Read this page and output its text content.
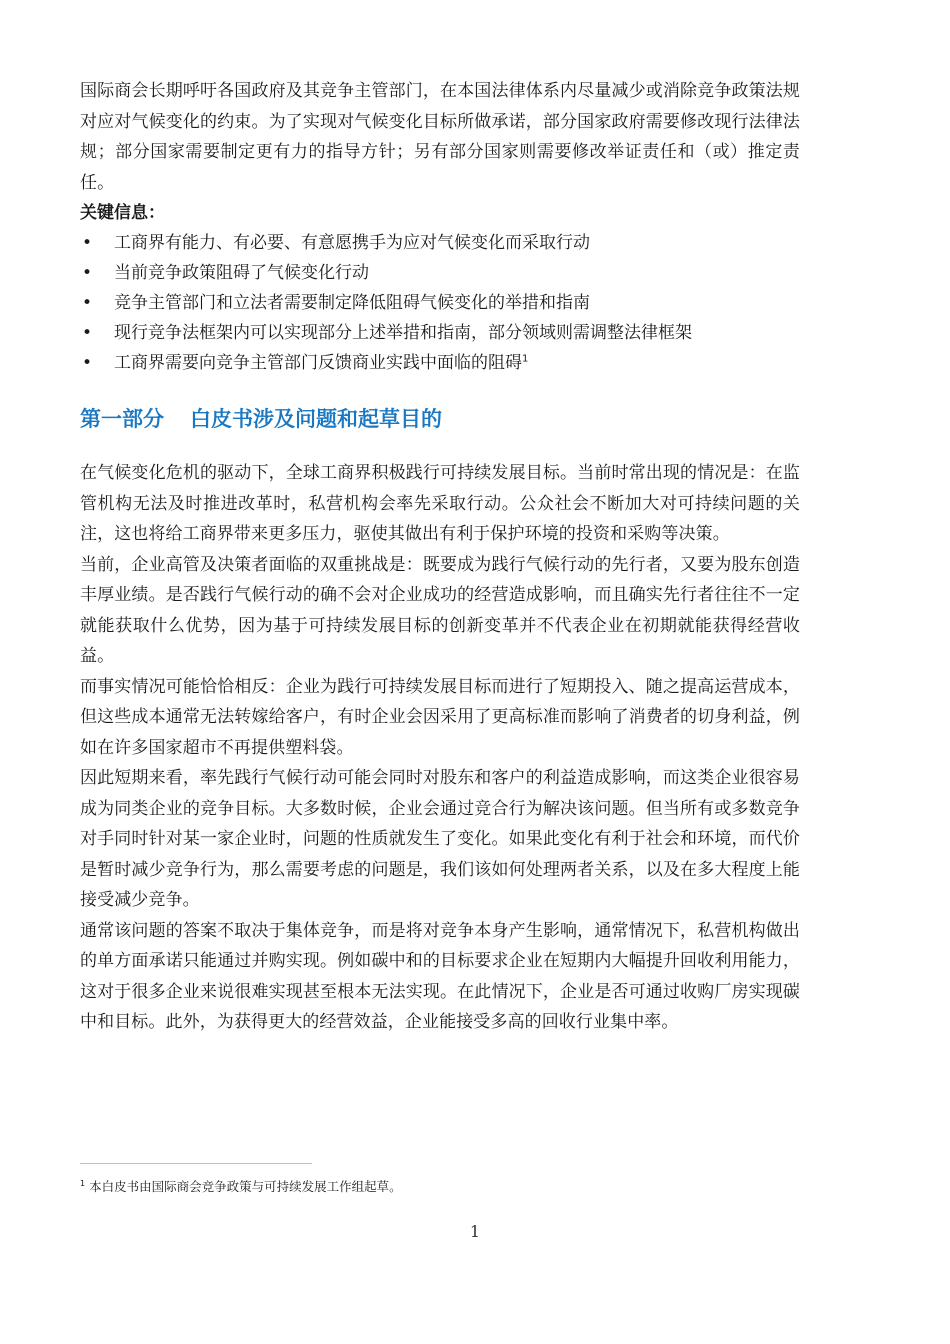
国际商会长期呼吁各国政府及其竞争主管部门，在本国法律体系内尽量减少或消除竞争政策法规对应对气候变化的约束。为了实现对气候变化目标所做承诺，部分国家政府需要修改现行法律法规；部分国家需要制定更有力的指导方针；另有部分国家则需要修改举证责任和（或）推定责任。

关键信息：

• 工商界有能力、有必要、有意愿携手为应对气候变化而采取行动
• 当前竞争政策阻碍了气候变化行动
• 竞争主管部门和立法者需要制定降低阻碍气候变化的举措和指南
• 现行竞争法框架内可以实现部分上述举措和指南，部分领域则需调整法律框架
• 工商界需要向竞争主管部门反馈商业实践中面临的阻碍$^1$
第一部分 白皮书涉及问题和起草目的

在气候变化危机的驱动下，全球工商界积极践行可持续发展目标。当前时常出现的情况是：在监管机构无法及时推进改革时，私营机构会率先采取行动。公众社会不断加大对可持续问题的关注，这也将给工商界带来更多压力，驱使其做出有利于保护环境的投资和采购等决策。

当前，企业高管及决策者面临的双重挑战是：既要成为践行气候行动的先行者，又要为股东创造丰厚业绩。是否践行气候行动的确不会对企业成功的经营造成影响，而且确实先行者往往不一定就能获取什么优势，因为基于可持续发展目标的创新变革并不代表企业在初期就能获得经营收益。

而事实情况可能恰恰相反：企业为践行可持续发展目标而进行了短期投入、随之提高运营成本，但这些成本通常无法转嫁给客户，有时企业会因采用了更高标准而影响了消费者的切身利益，例如在许多国家超市不再提供塑料袋。

因此短期来看，率先践行气候行动可能会同时对股东和客户的利益造成影响，而这类企业很容易成为同类企业的竞争目标。大多数时候，企业会通过竞合行为解决该问题。但当所有或多数竞争对手同时针对某一家企业时，问题的性质就发生了变化。如果此变化有利于社会和环境，而代价是暂时减少竞争行为，那么需要考虑的问题是，我们该如何处理两者关系，以及在多大程度上能接受减少竞争。

通常该问题的答案不取决于集体竞争，而是将对竞争本身产生影响，通常情况下，私营机构做出的单方面承诺只能通过并购实现。例如碳中和的目标要求企业在短期内大幅提升回收利用能力，这对于很多企业来说很难实现甚至根本无法实现。在此情况下，企业是否可通过收购厂房实现碳中和目标。此外，为获得更大的经营效益，企业能接受多高的回收行业集中率。

$^1$ 本白皮书由国际商会竞争政策与可持续发展工作组起草。
1
